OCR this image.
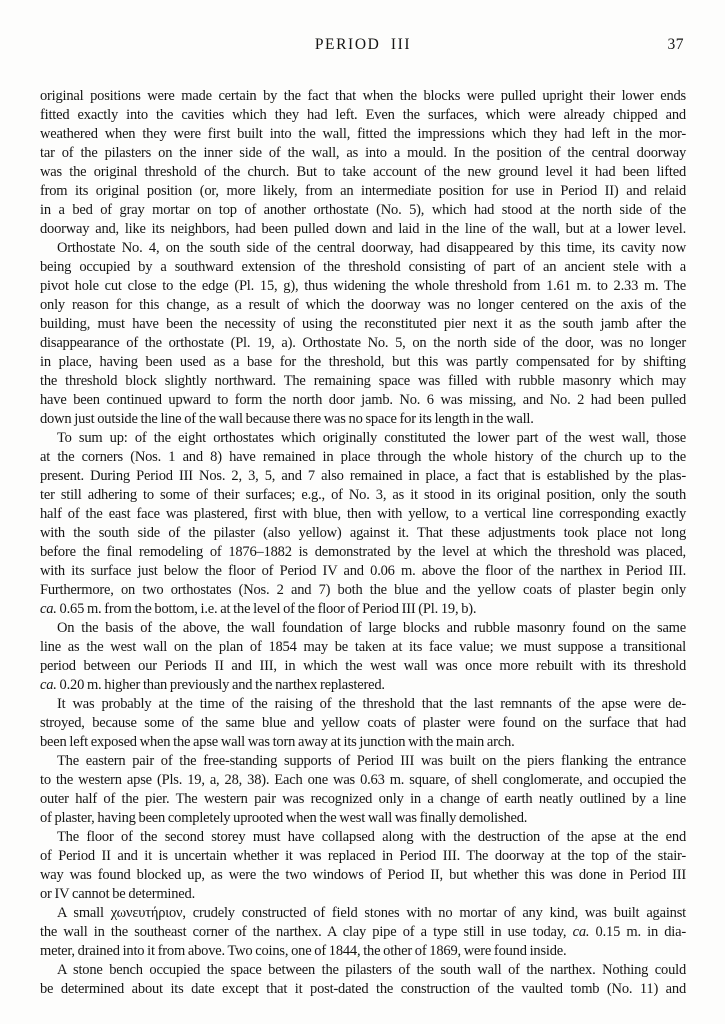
PERIOD III	37
original positions were made certain by the fact that when the blocks were pulled upright their lower ends
fitted exactly into the cavities which they had left. Even the surfaces, which were already chipped and
weathered when they were first built into the wall, fitted the impressions which they had left in the mor-
tar of the pilasters on the inner side of the wall, as into a mould. In the position of the central doorway
was the original threshold of the church. But to take account of the new ground level it had been lifted
from its original position (or, more likely, from an intermediate position for use in Period II) and relaid
in a bed of gray mortar on top of another orthostate (No. 5), which had stood at the north side of the
doorway and, like its neighbors, had been pulled down and laid in the line of the wall, but at a lower level.
Orthostate No. 4, on the south side of the central doorway, had disappeared by this time, its cavity now
being occupied by a southward extension of the threshold consisting of part of an ancient stele with a
pivot hole cut close to the edge (Pl. 15, g), thus widening the whole threshold from 1.61 m. to 2.33 m. The
only reason for this change, as a result of which the doorway was no longer centered on the axis of the
building, must have been the necessity of using the reconstituted pier next it as the south jamb after the
disappearance of the orthostate (Pl. 19, a). Orthostate No. 5, on the north side of the door, was no longer
in place, having been used as a base for the threshold, but this was partly compensated for by shifting
the threshold block slightly northward. The remaining space was filled with rubble masonry which may
have been continued upward to form the north door jamb. No. 6 was missing, and No. 2 had been pulled
down just outside the line of the wall because there was no space for its length in the wall.
To sum up: of the eight orthostates which originally constituted the lower part of the west wall, those
at the corners (Nos. 1 and 8) have remained in place through the whole history of the church up to the
present. During Period III Nos. 2, 3, 5, and 7 also remained in place, a fact that is established by the plas-
ter still adhering to some of their surfaces; e.g., of No. 3, as it stood in its original position, only the south
half of the east face was plastered, first with blue, then with yellow, to a vertical line corresponding exactly
with the south side of the pilaster (also yellow) against it. That these adjustments took place not long
before the final remodeling of 1876–1882 is demonstrated by the level at which the threshold was placed,
with its surface just below the floor of Period IV and 0.06 m. above the floor of the narthex in Period III.
Furthermore, on two orthostates (Nos. 2 and 7) both the blue and the yellow coats of plaster begin only
ca. 0.65 m. from the bottom, i.e. at the level of the floor of Period III (Pl. 19, b).
On the basis of the above, the wall foundation of large blocks and rubble masonry found on the same
line as the west wall on the plan of 1854 may be taken at its face value; we must suppose a transitional
period between our Periods II and III, in which the west wall was once more rebuilt with its threshold
ca. 0.20 m. higher than previously and the narthex replastered.
It was probably at the time of the raising of the threshold that the last remnants of the apse were de-
stroyed, because some of the same blue and yellow coats of plaster were found on the surface that had
been left exposed when the apse wall was torn away at its junction with the main arch.
The eastern pair of the free-standing supports of Period III was built on the piers flanking the entrance
to the western apse (Pls. 19, a, 28, 38). Each one was 0.63 m. square, of shell conglomerate, and occupied the
outer half of the pier. The western pair was recognized only in a change of earth neatly outlined by a line
of plaster, having been completely uprooted when the west wall was finally demolished.
The floor of the second storey must have collapsed along with the destruction of the apse at the end
of Period II and it is uncertain whether it was replaced in Period III. The doorway at the top of the stair-
way was found blocked up, as were the two windows of Period II, but whether this was done in Period III
or IV cannot be determined.
A small χωνευτήριον, crudely constructed of field stones with no mortar of any kind, was built against
the wall in the southeast corner of the narthex. A clay pipe of a type still in use today, ca. 0.15 m. in dia-
meter, drained into it from above. Two coins, one of 1844, the other of 1869, were found inside.
A stone bench occupied the space between the pilasters of the south wall of the narthex. Nothing could
be determined about its date except that it post-dated the construction of the vaulted tomb (No. 11) and
